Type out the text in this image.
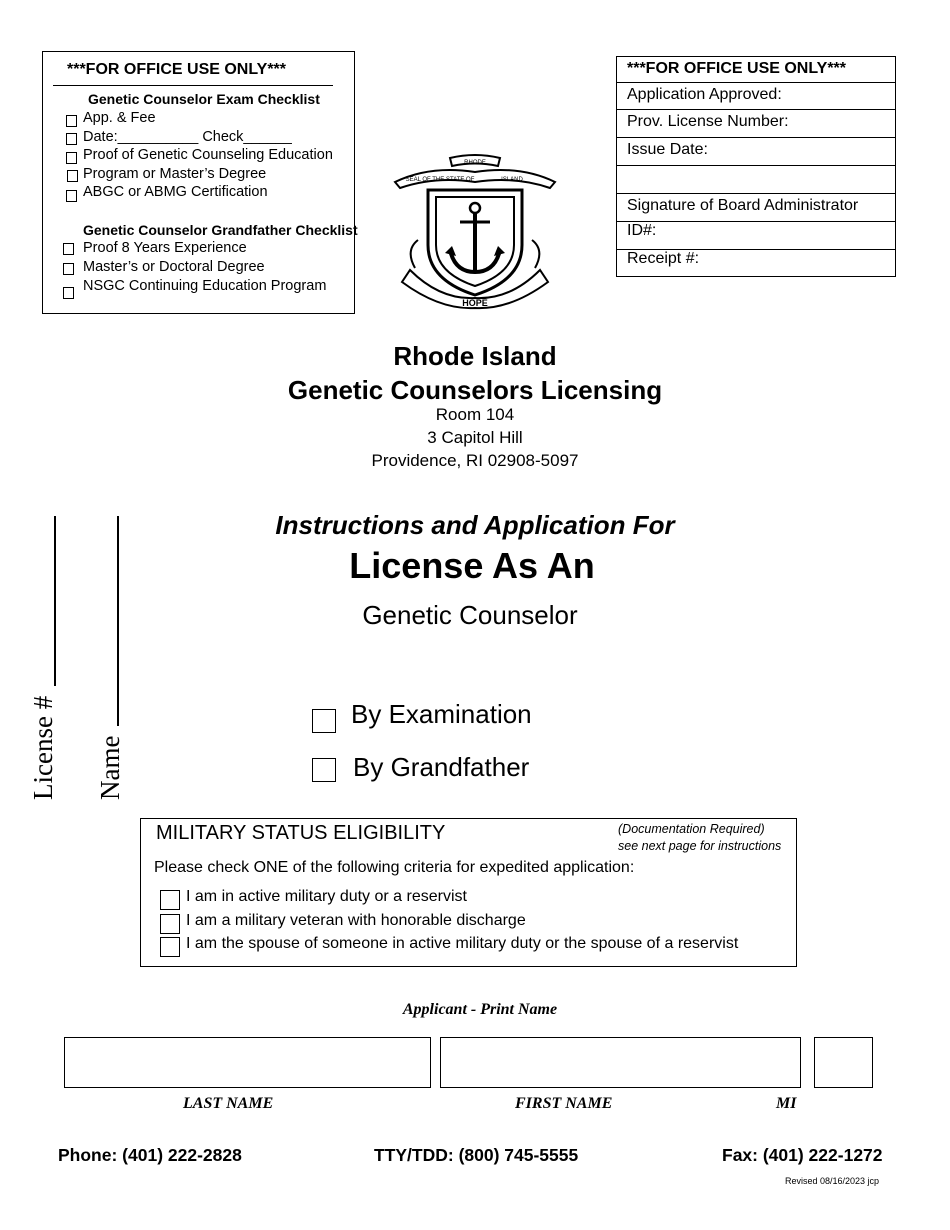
***FOR OFFICE USE ONLY***
Genetic Counselor Exam Checklist
App. & Fee
Date:__________ Check______
Proof of Genetic Counseling Education
Program or Master’s Degree
ABGC or ABMG Certification
Genetic Counselor Grandfather Checklist
Proof 8 Years Experience
Master’s or Doctoral Degree
NSGC Continuing Education Program
HOPE
RHODE
SEAL OF THE STATE OF	ISLAND
***FOR OFFICE USE ONLY***
Application Approved:
Prov. License Number:
Issue Date:
Signature of Board Administrator
ID#:
Receipt #:
Rhode Island
Genetic Counselors Licensing
Room 104
3 Capitol Hill
Providence, RI 02908-5097
Instructions and Application For
License As An
Genetic Counselor
License # Name
By Examination
By Grandfather
MILITARY STATUS ELIGIBILITY	(Documentation Required)
see next page for instructions
Please check ONE of the following criteria for expedited application:
I am in active military duty or a reservist
I am a military veteran with honorable discharge
I am the spouse of someone in active military duty or the spouse of a reservist
Applicant - Print Name
LAST NAME	FIRST NAME	MI
Phone: (401) 222-2828	TTY/TDD: (800) 745-5555	Fax: (401) 222-1272
Revised 08/16/2023 jcp
